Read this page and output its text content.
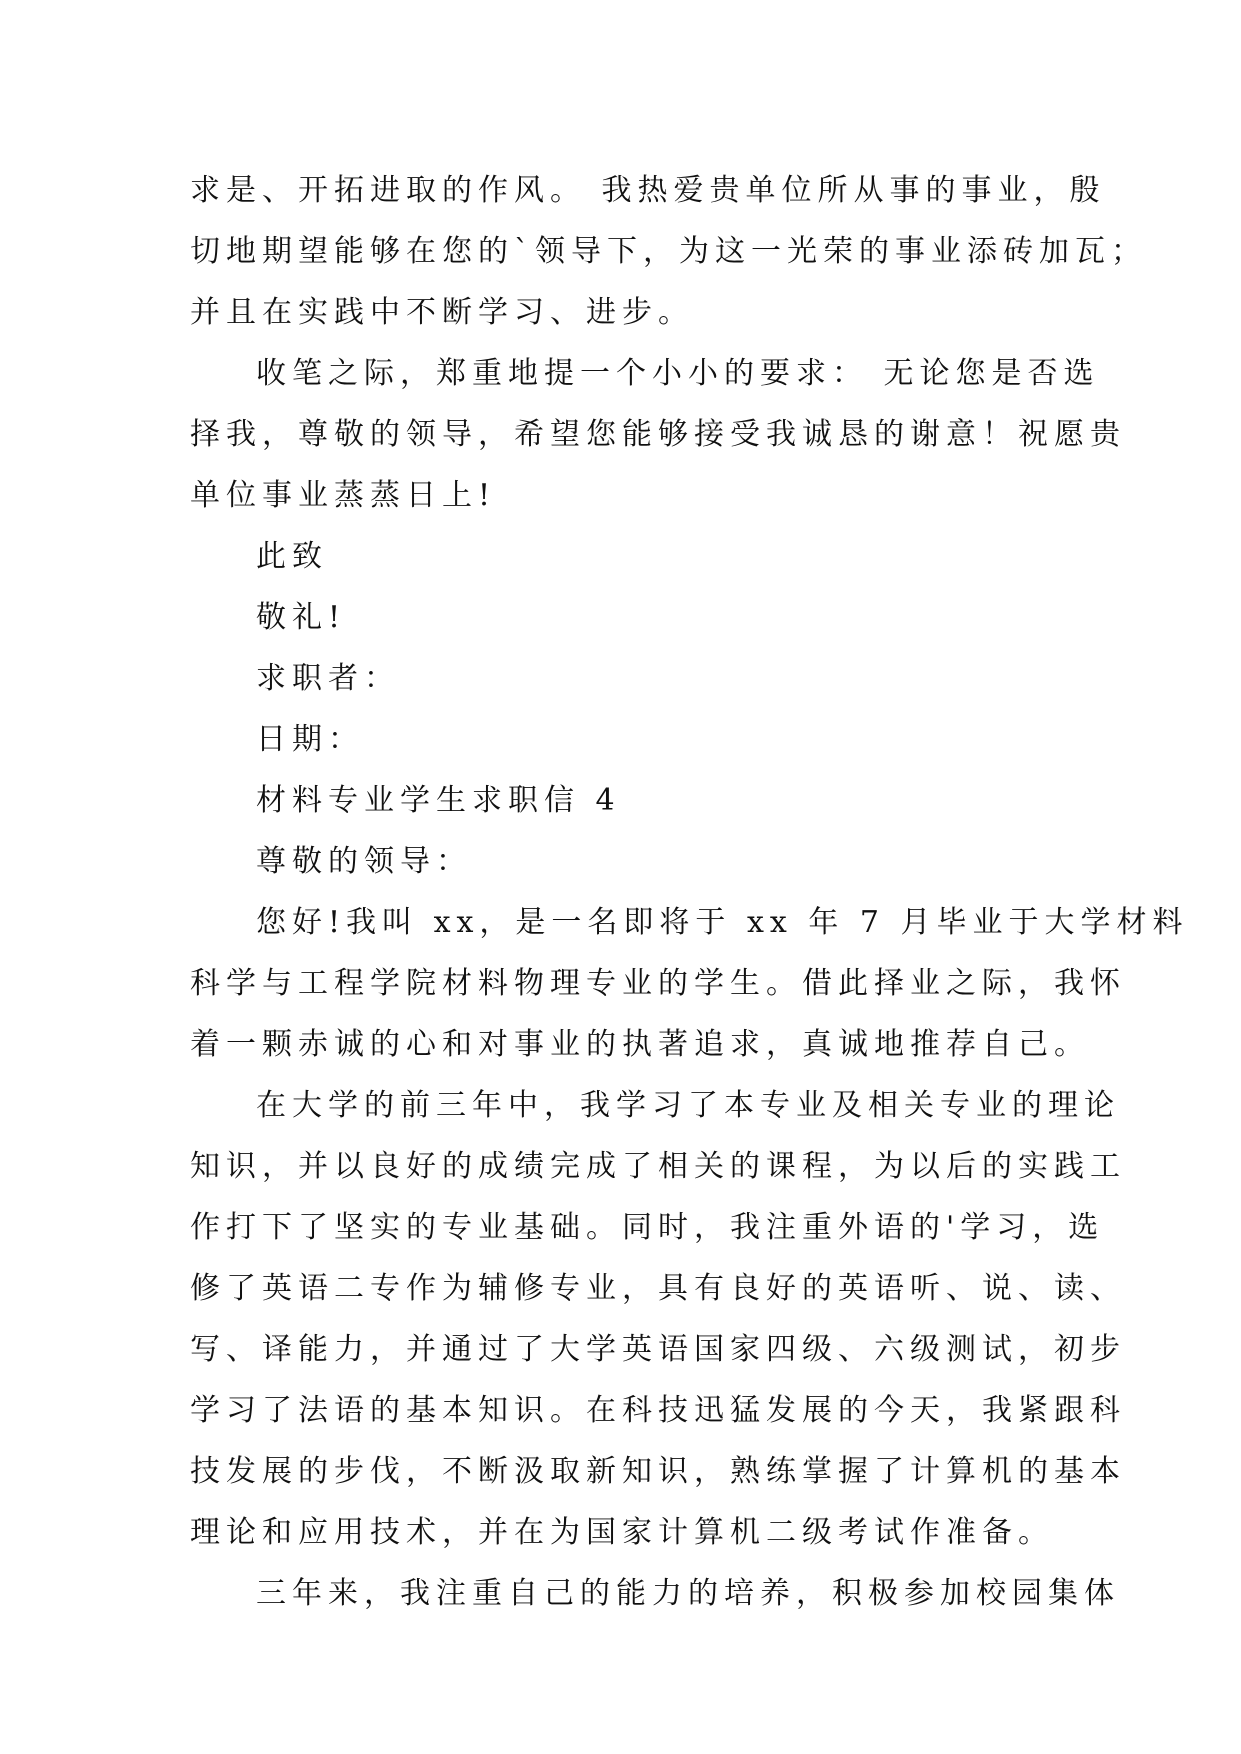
求是、开拓进取的作风。 我热爱贵单位所从事的事业，殷

切地期望能够在您的`领导下，为这一光荣的事业添砖加瓦；

并且在实践中不断学习、进步。

收笔之际，郑重地提一个小小的要求： 无论您是否选

择我，尊敬的领导，希望您能够接受我诚恳的谢意！祝愿贵

单位事业蒸蒸日上!

此致

敬礼!

求职者：

日期：

材料专业学生求职信 4

尊敬的领导：

您好!我叫 xx，是一名即将于 xx 年 7 月毕业于大学材料

科学与工程学院材料物理专业的学生。借此择业之际，我怀

着一颗赤诚的心和对事业的执著追求，真诚地推荐自己。

在大学的前三年中，我学习了本专业及相关专业的理论

知识，并以良好的成绩完成了相关的课程，为以后的实践工

作打下了坚实的专业基础。同时，我注重外语的'学习，选

修了英语二专作为辅修专业，具有良好的英语听、说、读、

写、译能力，并通过了大学英语国家四级、六级测试，初步

学习了法语的基本知识。在科技迅猛发展的今天，我紧跟科

技发展的步伐，不断汲取新知识，熟练掌握了计算机的基本

理论和应用技术，并在为国家计算机二级考试作准备。

三年来，我注重自己的能力的培养，积极参加校园集体
